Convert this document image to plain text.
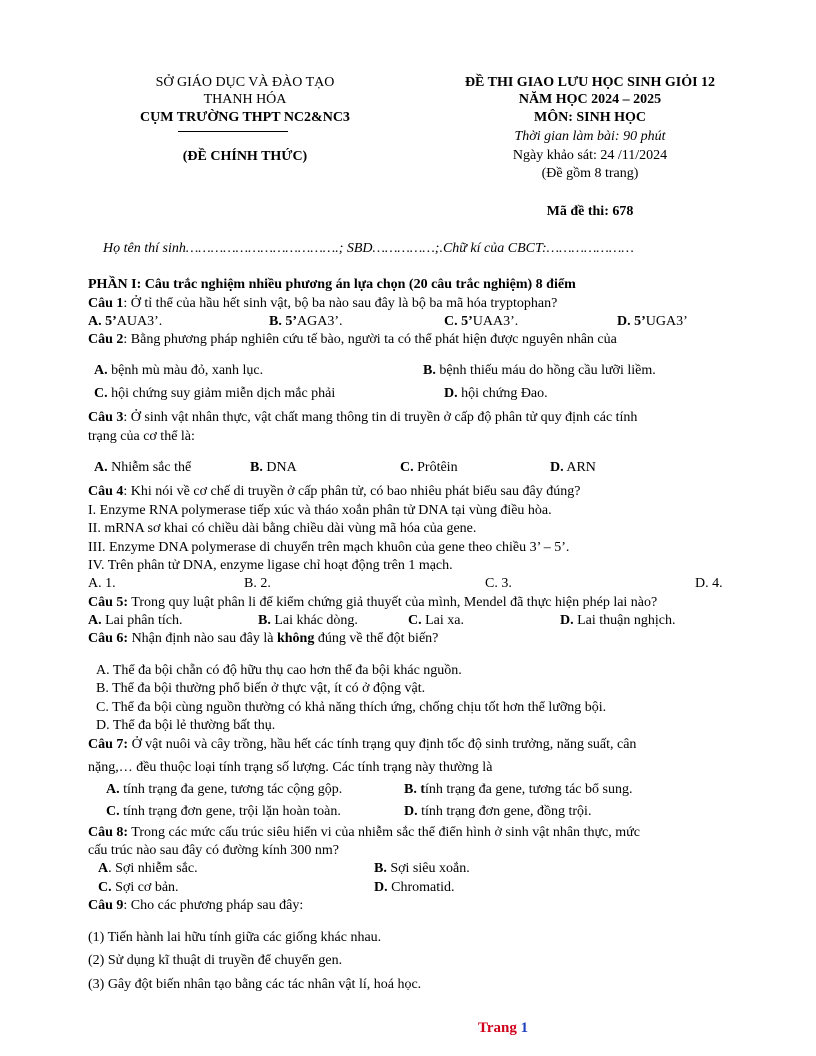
SỞ GIÁO DỤC VÀ ĐÀO TẠO
THANH HÓA
CỤM TRƯỜNG THPT NC2&NC3
(ĐỀ CHÍNH THỨC)
ĐỀ THI GIAO LƯU HỌC SINH GIỎI 12
NĂM HỌC 2024 – 2025
MÔN: SINH HỌC
Thời gian làm bài: 90 phút
Ngày khảo sát: 24 /11/2024
(Đề gồm 8 trang)
Mã đề thi: 678
Họ tên thí sinh……………………………….; SBD……………;.Chữ kí của CBCT:…………………
PHẦN I: Câu trắc nghiệm nhiều phương án lựa chọn (20 câu trắc nghiệm) 8 điểm
Câu 1: Ở tỉ thể của hầu hết sinh vật, bộ ba nào sau đây là bộ ba mã hóa tryptophan?
A. 5’AUA3’.	B. 5’AGA3’.	C. 5’UAA3’.	D. 5’UGA3’
Câu 2: Bằng phương pháp nghiên cứu tế bào, người ta có thể phát hiện được nguyên nhân của
A. bệnh mù màu đỏ, xanh lục.	B. bệnh thiếu máu do hồng cầu lưỡi liềm.
C. hội chứng suy giảm miễn dịch mắc phải	D. hội chứng Đao.
Câu 3: Ở sinh vật nhân thực, vật chất mang thông tin di truyền ở cấp độ phân tử quy định các tính
trạng của cơ thể là:
A. Nhiễm sắc thể	B. DNA	C. Prôtêin	D. ARN
Câu 4: Khi nói về cơ chế di truyền ở cấp phân tử, có bao nhiêu phát biểu sau đây đúng?
I. Enzyme RNA polymerase tiếp xúc và tháo xoắn phân tử DNA tại vùng điều hòa.
II. mRNA sơ khai có chiều dài bằng chiều dài vùng mã hóa của gene.
III. Enzyme DNA polymerase di chuyển trên mạch khuôn của gene theo chiều 3’ – 5’.
IV. Trên phân tử DNA, enzyme ligase chỉ hoạt động trên 1 mạch.
A. 1.	B. 2.	C. 3.	D. 4.
Câu 5: Trong quy luật phân li để kiểm chứng giả thuyết của mình, Mendel đã thực hiện phép lai nào?
A. Lai phân tích.	B. Lai khác dòng.	C. Lai xa.	D. Lai thuận nghịch.
Câu 6: Nhận định nào sau đây là không đúng về thể đột biến?
A. Thể đa bội chẵn có độ hữu thụ cao hơn thể đa bội khác nguồn.
B. Thể đa bội thường phổ biến ở thực vật, ít có ở động vật.
C. Thể đa bội cùng nguồn thường có khả năng thích ứng, chống chịu tốt hơn thể lưỡng bội.
D. Thể đa bội lẻ thường bất thụ.
Câu 7: Ở vật nuôi và cây trồng, hầu hết các tính trạng quy định tốc độ sinh trưởng, năng suất, cân
nặng,… đều thuộc loại tính trạng số lượng. Các tính trạng này thường là
A. tính trạng đa gene, tương tác cộng gộp.	B. tính trạng đa gene, tương tác bổ sung.
C. tính trạng đơn gene, trội lặn hoàn toàn.	D. tính trạng đơn gene, đồng trội.
Câu 8: Trong các mức cấu trúc siêu hiển vi của nhiễm sắc thể điển hình ở sinh vật nhân thực, mức
cấu trúc nào sau đây có đường kính 300 nm?
A. Sợi nhiễm sắc.	B. Sợi siêu xoắn.
C. Sợi cơ bản.	D. Chromatid.
Câu 9: Cho các phương pháp sau đây:
(1) Tiến hành lai hữu tính giữa các giống khác nhau.
(2) Sử dụng kĩ thuật di truyền để chuyển gen.
(3) Gây đột biến nhân tạo bằng các tác nhân vật lí, hoá học.
Trang 1
